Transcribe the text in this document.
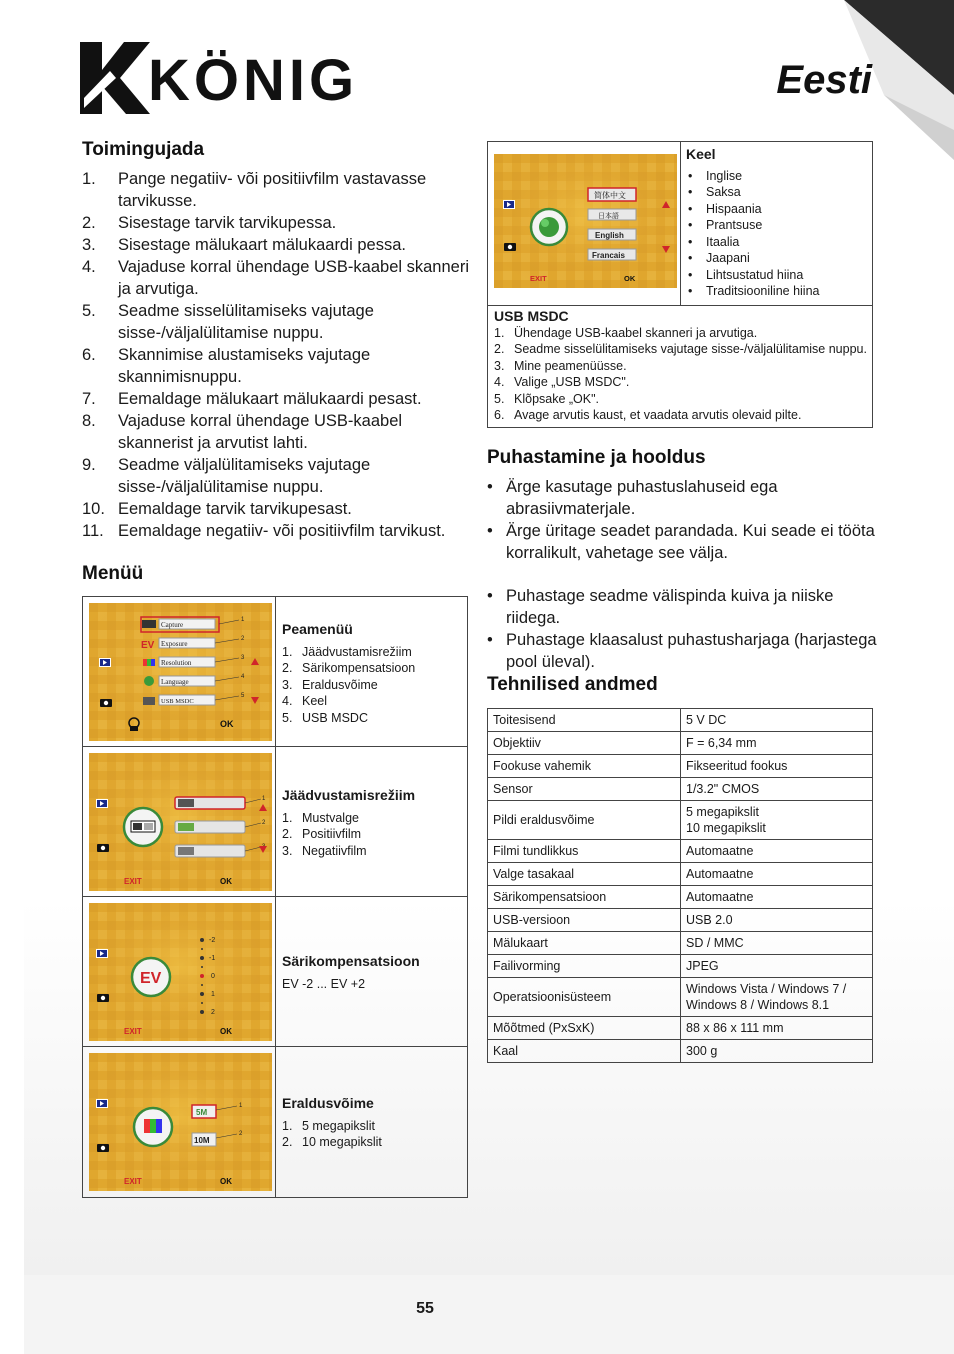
KÖNIG	Eesti
Toimingujada
1. Pange negatiiv- või positiivfilm vastavasse tarvikusse.
2. Sisestage tarvik tarvikupessa.
3. Sisestage mälukaart mälukaardi pessa.
4. Vajaduse korral ühendage USB-kaabel skanneri ja arvutiga.
5. Seadme sisselülitamiseks vajutage sisse-/väljalülitamise nuppu.
6. Skannimise alustamiseks vajutage skannimisnuppu.
7. Eemaldage mälukaart mälukaardi pesast.
8. Vajaduse korral ühendage USB-kaabel skannerist ja arvutist lahti.
9. Seadme väljalülitamiseks vajutage sisse-/väljalülitamise nuppu.
10. Eemaldage tarvik tarvikupesast.
11. Eemaldage negatiiv- või positiivfilm tarvikust.
Menüü
EV
Capture
Exposure
Resolution
Language
USB MSDC
1
2
3
4
5
OK
Peamenüü
1. Jäädvustamisrežiim
2. Särikompensatsioon
3. Eraldusvõime
4. Keel
5. USB MSDC
1
2
EXIT	OK
Jäädvustamisrežiim
1. Mustvalge
2. Positiivfilm
3. Negatiivfilm
EV
-2
-1
0
1
2
EXIT	OK
Särikompensatsioon
EV -2 ... EV +2
5M
10M
1
2
EXIT	OK
Eraldusvõime
1. 5 megapikslit
2. 10 megapikslit
简体中文
日本語
English
Francais
EXIT	OK
Keel
• Inglise
• Saksa
• Hispaania
• Prantsuse
• Itaalia
• Jaapani
• Lihtsustatud hiina
• Traditsiooniline hiina
USB MSDC
1. Ühendage USB-kaabel skanneri ja arvutiga.
2. Seadme sisselülitamiseks vajutage sisse-/väljalülitamise nuppu.
3. Mine peamenüüsse.
4. Valige „USB MSDC".
5. Klõpsake „OK".
6. Avage arvutis kaust, et vaadata arvutis olevaid pilte.
Puhastamine ja hooldus
• Ärge kasutage puhastuslahuseid ega abrasiivmaterjale.
• Ärge üritage seadet parandada. Kui seade ei tööta korralikult, vahetage see välja.
• Puhastage seadme välispinda kuiva ja niiske riidega.
• Puhastage klaasalust puhastusharjaga (harjastega pool üleval).
Tehnilised andmed
Toitesisend	5 V DC
Objektiiv	F = 6,34 mm
Fookuse vahemik	Fikseeritud fookus
Sensor	1/3.2" CMOS
Pildi eraldusvõime	5 megapikslit
10 megapikslit
Filmi tundlikkus	Automaatne
Valge tasakaal	Automaatne
Särikompensatsioon	Automaatne
USB-versioon	USB 2.0
Mälukaart	SD / MMC
Failivorming	JPEG
Operatsioonisüsteem	Windows Vista / Windows 7 /
Windows 8 / Windows 8.1
Mõõtmed (PxSxK)	88 x 86 x 111 mm
Kaal	300 g
55
